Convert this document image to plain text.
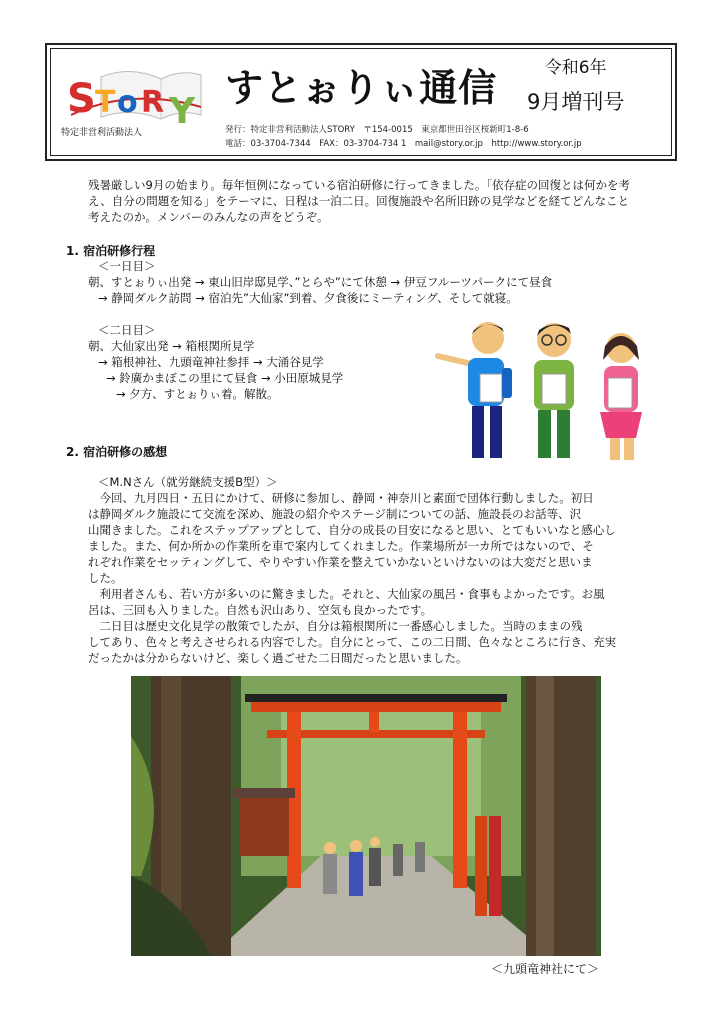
S T o R Y
特定非営利活動法人
すとぉりぃ通信	令和6年
9月増刊号
発行：特定非営利活動法人STORY　〒154-0015　東京都世田谷区桜新町1-8-6
電話：03-3704-7344　FAX：03-3704-734 1　mail@story.or.jp　http://www.story.or.jp
残暑厳しい9月の始まり。毎年恒例になっている宿泊研修に行ってきました。「依存症の回復とは何かを考
え、自分の問題を知る」をテーマに、日程は一泊二日。回復施設や名所旧跡の見学などを経てどんなこと
考えたのか。メンバーのみんなの声をどうぞ。
1. 宿泊研修行程
＜一日目＞
朝、すとぉりぃ出発 → 東山旧岸邸見学、”とらや”にて休憩 → 伊豆フルーツパークにて昼食
→ 静岡ダルク訪問 → 宿泊先”大仙家”到着、夕食後にミーティング、そして就寝。
＜二日目＞
朝、大仙家出発 → 箱根関所見学
→ 箱根神社、九頭竜神社参拝 → 大涌谷見学
→ 鈴廣かまぼこの里にて昼食 → 小田原城見学
→ 夕方、すとぉりぃ着。解散。
2. 宿泊研修の感想
＜M.Nさん（就労継続支援B型）＞
　今回、九月四日・五日にかけて、研修に参加し、静岡・神奈川と素面で団体行動しました。初日
は静岡ダルク施設にて交流を深め、施設の紹介やステージ制についての話、施設長のお話等、沢
山聞きました。これをステップアップとして、自分の成長の目安になると思い、とてもいいなと感心し
ました。また、何か所かの作業所を車で案内してくれました。作業場所が一カ所ではないので、そ
れぞれ作業をセッティングして、やりやすい作業を整えていかないといけないのは大変だと思いま
した。
　利用者さんも、若い方が多いのに驚きました。それと、大仙家の風呂・食事もよかったです。お風
呂は、三回も入りました。自然も沢山あり、空気も良かったです。
　二日目は歴史文化見学の散策でしたが、自分は箱根関所に一番感心しました。当時のままの残
してあり、色々と考えさせられる内容でした。自分にとって、この二日間、色々なところに行き、充実
だったかは分からないけど、楽しく過ごせた二日間だったと思いました。
＜九頭竜神社にて＞
